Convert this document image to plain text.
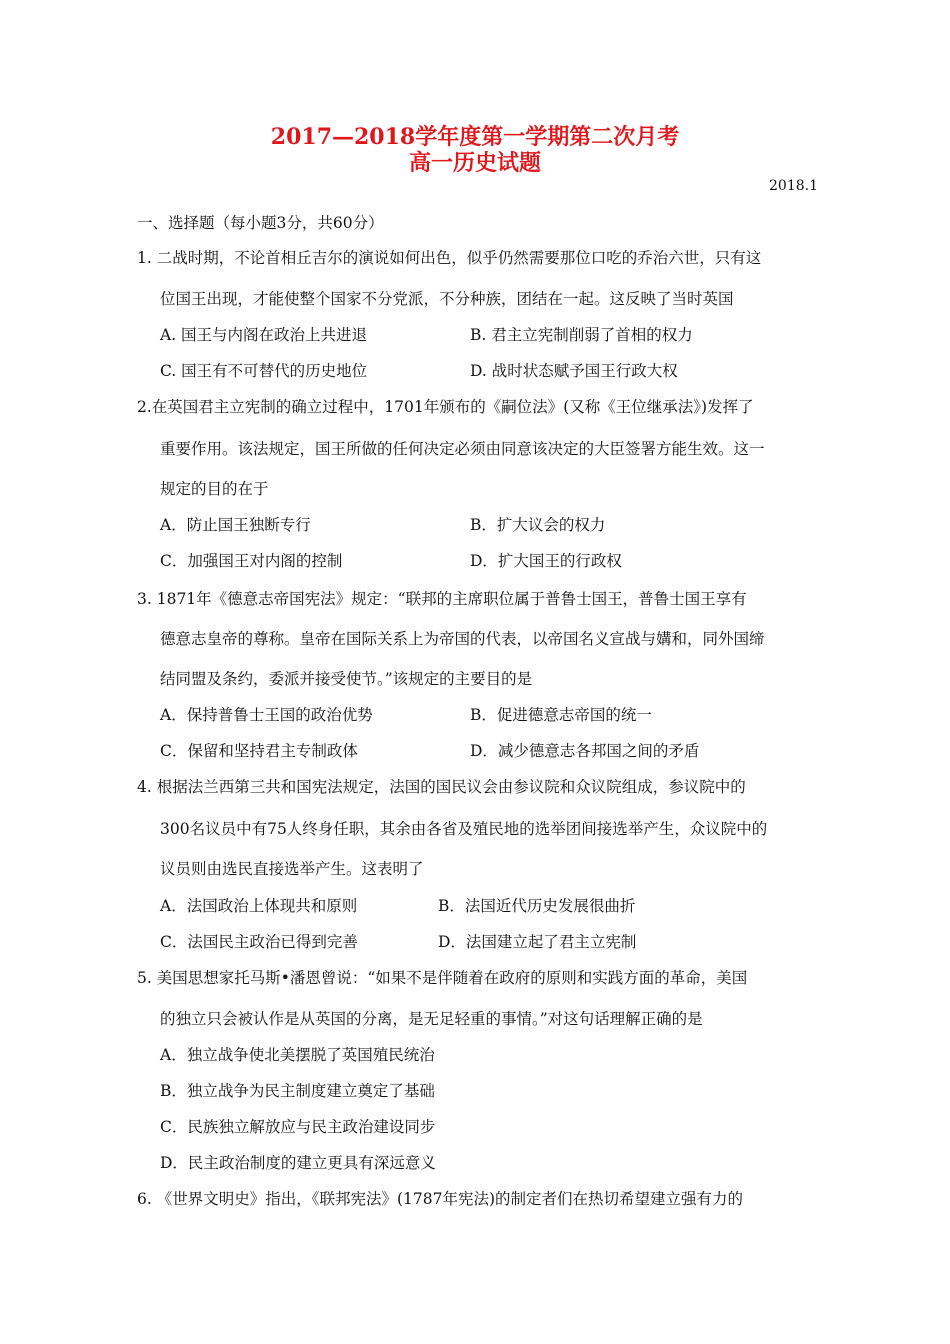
2017—2018学年度第一学期第二次月考
高一历史试题
2018.1
一、选择题（每小题3分，共60分）
1. 二战时期，不论首相丘吉尔的演说如何出色，似乎仍然需要那位口吃的乔治六世，只有这
位国王出现，才能使整个国家不分党派，不分种族，团结在一起。这反映了当时英国
A. 国王与内阁在政治上共进退	B. 君主立宪制削弱了首相的权力
C. 国王有不可替代的历史地位	D. 战时状态赋予国王行政大权
2.在英国君主立宪制的确立过程中，1701年颁布的《嗣位法》(又称《王位继承法》)发挥了
重要作用。该法规定，国王所做的任何决定必须由同意该决定的大臣签署方能生效。这一
规定的目的在于
A．防止国王独断专行	B．扩大议会的权力
C．加强国王对内阁的控制	D．扩大国王的行政权
3. 1871年《德意志帝国宪法》规定：“联邦的主席职位属于普鲁士国王，普鲁士国王享有
德意志皇帝的尊称。皇帝在国际关系上为帝国的代表，以帝国名义宣战与媾和，同外国缔
结同盟及条约，委派并接受使节。”该规定的主要目的是
A．保持普鲁士王国的政治优势	B．促进德意志帝国的统一
C．保留和坚持君主专制政体	D．减少德意志各邦国之间的矛盾
4. 根据法兰西第三共和国宪法规定，法国的国民议会由参议院和众议院组成，参议院中的
300名议员中有75人终身任职，其余由各省及殖民地的选举团间接选举产生，众议院中的
议员则由选民直接选举产生。这表明了
A．法国政治上体现共和原则	B．法国近代历史发展很曲折
C．法国民主政治已得到完善	D．法国建立起了君主立宪制
5. 美国思想家托马斯•潘恩曾说：“如果不是伴随着在政府的原则和实践方面的革命，美国
的独立只会被认作是从英国的分离，是无足轻重的事情。”对这句话理解正确的是
A．独立战争使北美摆脱了英国殖民统治
B．独立战争为民主制度建立奠定了基础
C．民族独立解放应与民主政治建设同步
D．民主政治制度的建立更具有深远意义
6. 《世界文明史》指出，《联邦宪法》(1787年宪法)的制定者们在热切希望建立强有力的
